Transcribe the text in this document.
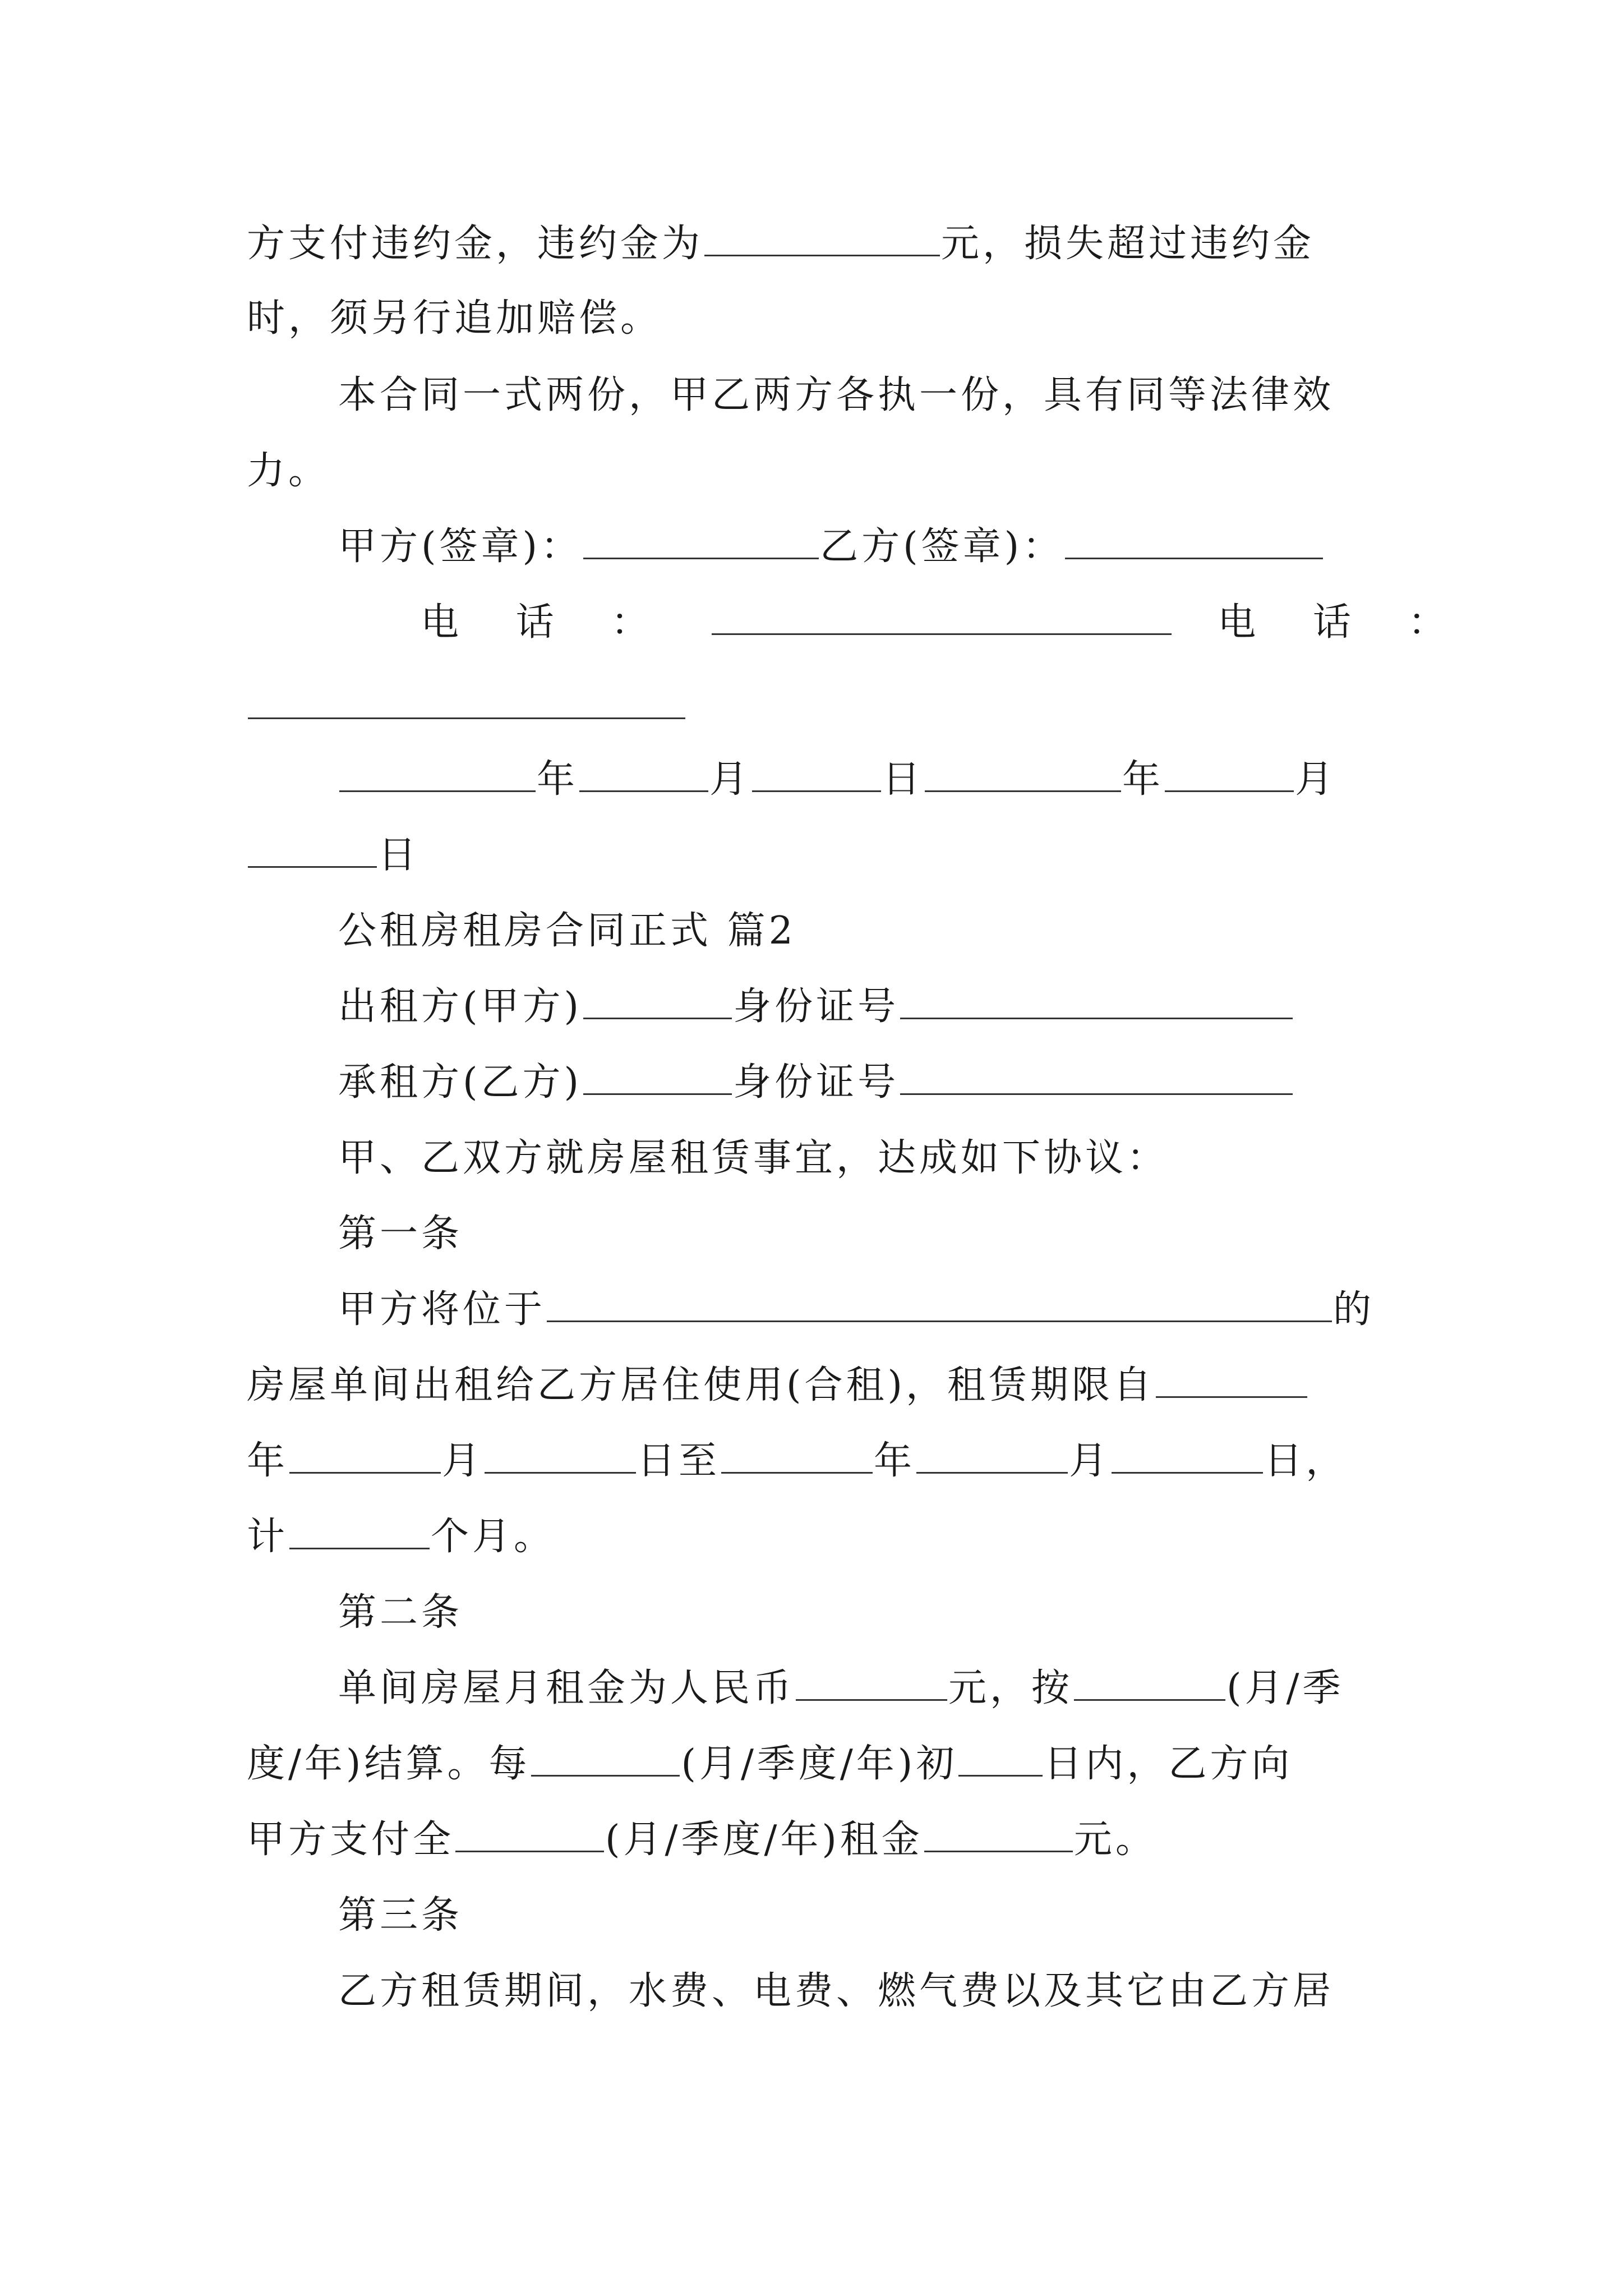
方支付违约金，违约金为	元，损失超过违约金
时，须另行追加赔偿。
本合同一式两份，甲乙两方各执一份，具有同等法律效
力。
甲方(签章)：	乙方(签章)：
电 话 ：	电 话 ：
年	月	日	年	月
日
公租房租房合同正式 篇2
出租方(甲方)	身份证号
承租方(乙方)	身份证号
甲、乙双方就房屋租赁事宜，达成如下协议：
第一条
甲方将位于	的
房屋单间出租给乙方居住使用(合租)，租赁期限自
年	月	日至	年	月	日，
计	个月。
第二条
单间房屋月租金为人民币	元，按	(月/季
度/年)结算。每	(月/季度/年)初 日内，乙方向
甲方支付全	(月/季度/年)租金	元。
第三条
乙方租赁期间，水费、电费、燃气费以及其它由乙方居
